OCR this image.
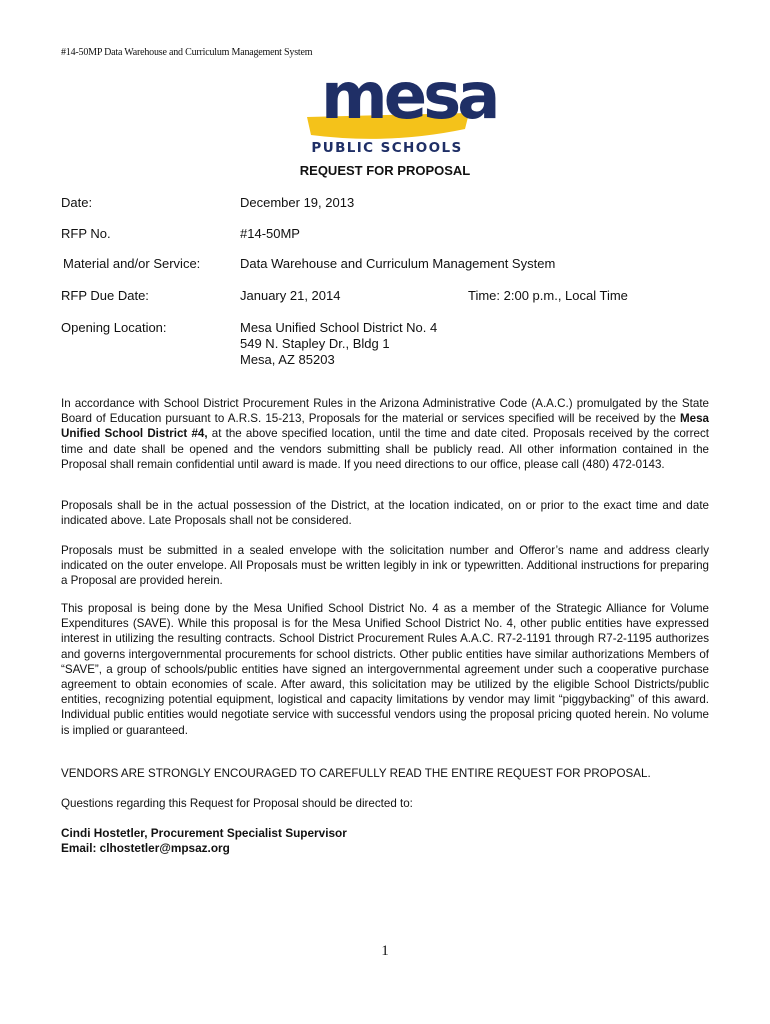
#14-50MP Data Warehouse and Curriculum Management System
mesa
PUBLIC SCHOOLS
REQUEST FOR PROPOSAL
Date:	December 19, 2013
RFP No.	#14-50MP
Material and/or Service:	Data Warehouse and Curriculum Management System
RFP Due Date:	January 21, 2014	Time: 2:00 p.m., Local Time
Opening Location:	Mesa Unified School District No. 4
549 N. Stapley Dr., Bldg 1
Mesa, AZ 85203

In accordance with School District Procurement Rules in the Arizona Administrative Code (A.A.C.) promulgated by the State Board of Education pursuant to A.R.S. 15-213, Proposals for the material or services specified will be received by the Mesa Unified School District #4, at the above specified location, until the time and date cited. Proposals received by the correct time and date shall be opened and the vendors submitting shall be publicly read. All other information contained in the Proposal shall remain confidential until award is made. If you need directions to our office, please call (480) 472-0143.

Proposals shall be in the actual possession of the District, at the location indicated, on or prior to the exact time and date indicated above. Late Proposals shall not be considered.

Proposals must be submitted in a sealed envelope with the solicitation number and Offeror’s name and address clearly indicated on the outer envelope. All Proposals must be written legibly in ink or typewritten. Additional instructions for preparing a Proposal are provided herein.

This proposal is being done by the Mesa Unified School District No. 4 as a member of the Strategic Alliance for Volume Expenditures (SAVE). While this proposal is for the Mesa Unified School District No. 4, other public entities have expressed interest in utilizing the resulting contracts. School District Procurement Rules A.A.C. R7-2-1191 through R7-2-1195 authorizes and governs intergovernmental procurements for school districts. Other public entities have similar authorizations Members of “SAVE”, a group of schools/public entities have signed an intergovernmental agreement under such a cooperative purchase agreement to obtain economies of scale. After award, this solicitation may be utilized by the eligible School Districts/public entities, recognizing potential equipment, logistical and capacity limitations by vendor may limit “piggybacking” of this award. Individual public entities would negotiate service with successful vendors using the proposal pricing quoted herein. No volume is implied or guaranteed.

VENDORS ARE STRONGLY ENCOURAGED TO CAREFULLY READ THE ENTIRE REQUEST FOR PROPOSAL.

Questions regarding this Request for Proposal should be directed to:

Cindi Hostetler, Procurement Specialist Supervisor
Email: clhostetler@mpsaz.org
1
